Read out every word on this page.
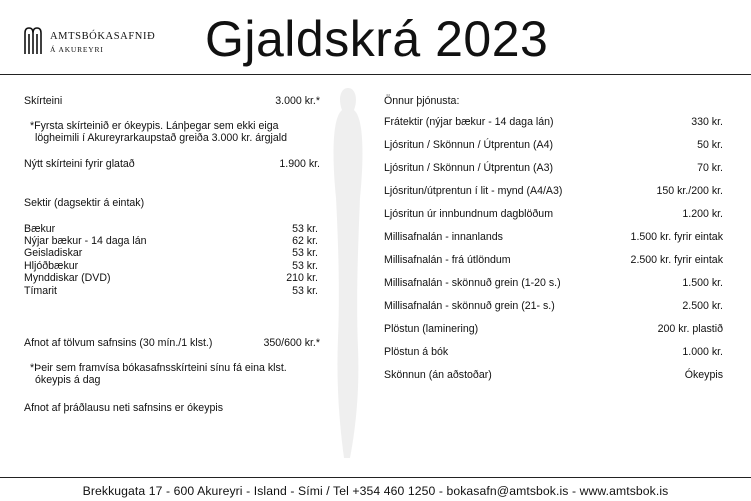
AMTSBÓKASAFNIÐ
Á AKUREYRI Gjaldskrá 2023
Skírteini	3.000 kr.*
*Fyrsta skírteinið er ókeypis. Lánþegar sem ekki eiga
lögheimili í Akureyrarkaupstað greiða 3.000 kr. árgjald
Nýtt skírteini fyrir glatað	1.900 kr.
Sektir (dagsektir á eintak)
Bækur	53 kr.
Nýjar bækur - 14 daga lán	62 kr.
Geisladiskar	53 kr.
Hljóðbækur	53 kr.
Mynddiskar (DVD)	210 kr.
Tímarit	53 kr.
Afnot af tölvum safnsins (30 mín./1 klst.)	350/600 kr.*
*Þeir sem framvísa bókasafnsskírteini sínu fá eina klst.
ókeypis á dag
Afnot af þráðlausu neti safnsins er ókeypis
Önnur þjónusta:
Frátektir (nýjar bækur - 14 daga lán)	330 kr.
Ljósritun / Skönnun / Útprentun (A4)	50 kr.
Ljósritun / Skönnun / Útprentun (A3)	70 kr.
Ljósritun/útprentun í lit - mynd (A4/A3)	150 kr./200 kr.
Ljósritun úr innbundnum dagblöðum	1.200 kr.
Millisafnalán - innanlands	1.500 kr. fyrir eintak
Millisafnalán - frá útlöndum	2.500 kr. fyrir eintak
Millisafnalán - skönnuð grein (1-20 s.)	1.500 kr.
Millisafnalán - skönnuð grein (21- s.)	2.500 kr.
Plöstun (laminering)	200 kr. plastið
Plöstun á bók	1.000 kr.
Skönnun (án aðstoðar)	Ókeypis
Brekkugata 17 - 600 Akureyri - Island - Sími / Tel +354 460 1250 - bokasafn@amtsbok.is - www.amtsbok.is
